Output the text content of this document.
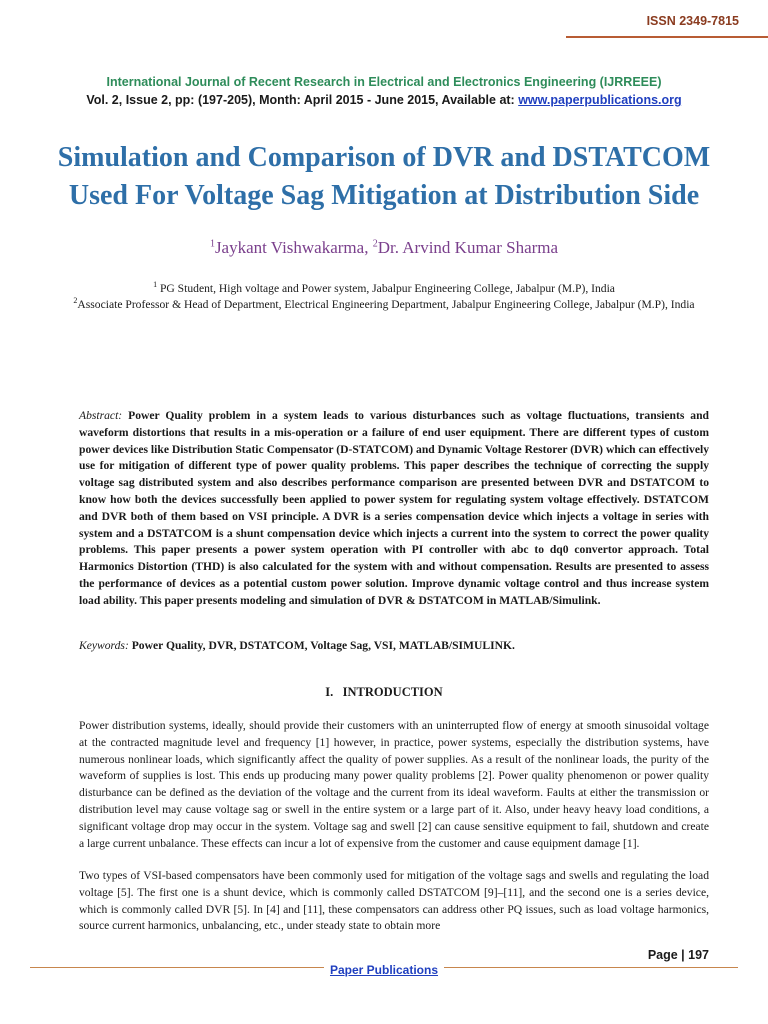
ISSN 2349-7815
International Journal of Recent Research in Electrical and Electronics Engineering (IJRREEE)
Vol. 2, Issue 2, pp: (197-205), Month: April 2015 - June 2015, Available at: www.paperpublications.org
Simulation and Comparison of DVR and DSTATCOM Used For Voltage Sag Mitigation at Distribution Side
$^1$Jaykant Vishwakarma, $^2$Dr. Arvind Kumar Sharma
$^1$ PG Student, High voltage and Power system, Jabalpur Engineering College, Jabalpur (M.P), India
$^2$Associate Professor & Head of Department, Electrical Engineering Department, Jabalpur Engineering College, Jabalpur (M.P), India
Abstract: Power Quality problem in a system leads to various disturbances such as voltage fluctuations, transients and waveform distortions that results in a mis-operation or a failure of end user equipment. There are different types of custom power devices like Distribution Static Compensator (D-STATCOM) and Dynamic Voltage Restorer (DVR) which can effectively use for mitigation of different type of power quality problems. This paper describes the technique of correcting the supply voltage sag distributed system and also describes performance comparison are presented between DVR and DSTATCOM to know how both the devices successfully been applied to power system for regulating system voltage effectively. DSTATCOM and DVR both of them based on VSI principle. A DVR is a series compensation device which injects a voltage in series with system and a DSTATCOM is a shunt compensation device which injects a current into the system to correct the power quality problems. This paper presents a power system operation with PI controller with abc to dq0 convertor approach. Total Harmonics Distortion (THD) is also calculated for the system with and without compensation. Results are presented to assess the performance of devices as a potential custom power solution. Improve dynamic voltage control and thus increase system load ability. This paper presents modeling and simulation of DVR & DSTATCOM in MATLAB/Simulink.
Keywords: Power Quality, DVR, DSTATCOM, Voltage Sag, VSI, MATLAB/SIMULINK.
I.   INTRODUCTION
Power distribution systems, ideally, should provide their customers with an uninterrupted flow of energy at smooth sinusoidal voltage at the contracted magnitude level and frequency [1] however, in practice, power systems, especially the distribution systems, have numerous nonlinear loads, which significantly affect the quality of power supplies. As a result of the nonlinear loads, the purity of the waveform of supplies is lost. This ends up producing many power quality problems [2]. Power quality phenomenon or power quality disturbance can be defined as the deviation of the voltage and the current from its ideal waveform. Faults at either the transmission or distribution level may cause voltage sag or swell in the entire system or a large part of it. Also, under heavy heavy load conditions, a significant voltage drop may occur in the system. Voltage sag and swell [2] can cause sensitive equipment to fail, shutdown and create a large current unbalance. These effects can incur a lot of expensive from the customer and cause equipment damage [1].
Two types of VSI-based compensators have been commonly used for mitigation of the voltage sags and swells and regulating the load voltage [5]. The first one is a shunt device, which is commonly called DSTATCOM [9]–[11], and the second one is a series device, which is commonly called DVR [5]. In [4] and [11], these compensators can address other PQ issues, such as load voltage harmonics, source current harmonics, unbalancing, etc., under steady state to obtain more
Page | 197
Paper Publications
